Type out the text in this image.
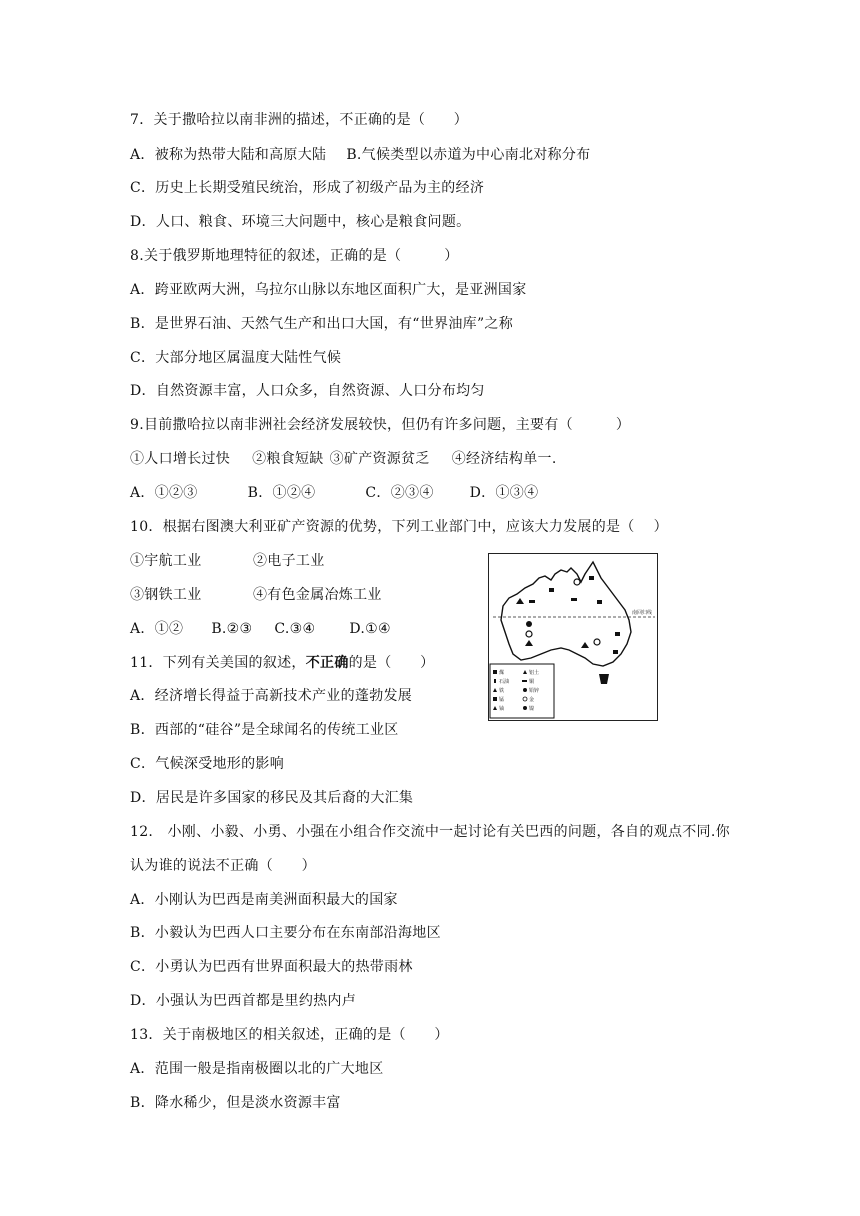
7．关于撒哈拉以南非洲的描述，不正确的是（　　）
A．被称为热带大陆和高原大陆 B.气候类型以赤道为中心南北对称分布
C．历史上长期受殖民统治，形成了初级产品为主的经济
D．人口、粮食、环境三大问题中，核心是粮食问题。
8.关于俄罗斯地理特征的叙述，正确的是（　　　）
A．跨亚欧两大洲，乌拉尔山脉以东地区面积广大，是亚洲国家
B．是世界石油、天然气生产和出口大国，有“世界油库”之称
C．大部分地区属温度大陆性气候
D．自然资源丰富，人口众多，自然资源、人口分布均匀
9.目前撒哈拉以南非洲社会经济发展较快，但仍有许多问题，主要有（　　　）
①人口增长过快 ②粮食短缺 ③矿产资源贫乏 ④经济结构单一.
A．①②③	B．①②④	C．②③④	D．①③④
10．根据右图澳大利亚矿产资源的优势，下列工业部门中，应该大力发展的是（　 ）
①宇航工业	②电子工业
③钢铁工业	④有色金属冶炼工业
A．①② B.②③ C.③④ D.①④
南回归线
煤	铝土
石油	铜
铁	铅锌
锰	金
铀	镍
11．下列有关美国的叙述，不正确的是（　　）
A．经济增长得益于高新技术产业的蓬勃发展
B．西部的“硅谷”是全球闻名的传统工业区
C．气候深受地形的影响
D．居民是许多国家的移民及其后裔的大汇集
12.　小刚、小毅、小勇、小强在小组合作交流中一起讨论有关巴西的问题，各自的观点不同.你
认为谁的说法不正确（　　）
A．小刚认为巴西是南美洲面积最大的国家
B．小毅认为巴西人口主要分布在东南部沿海地区
C．小勇认为巴西有世界面积最大的热带雨林
D．小强认为巴西首都是里约热内卢
13．关于南极地区的相关叙述，正确的是（　　）
A．范围一般是指南极圈以北的广大地区
B．降水稀少，但是淡水资源丰富
